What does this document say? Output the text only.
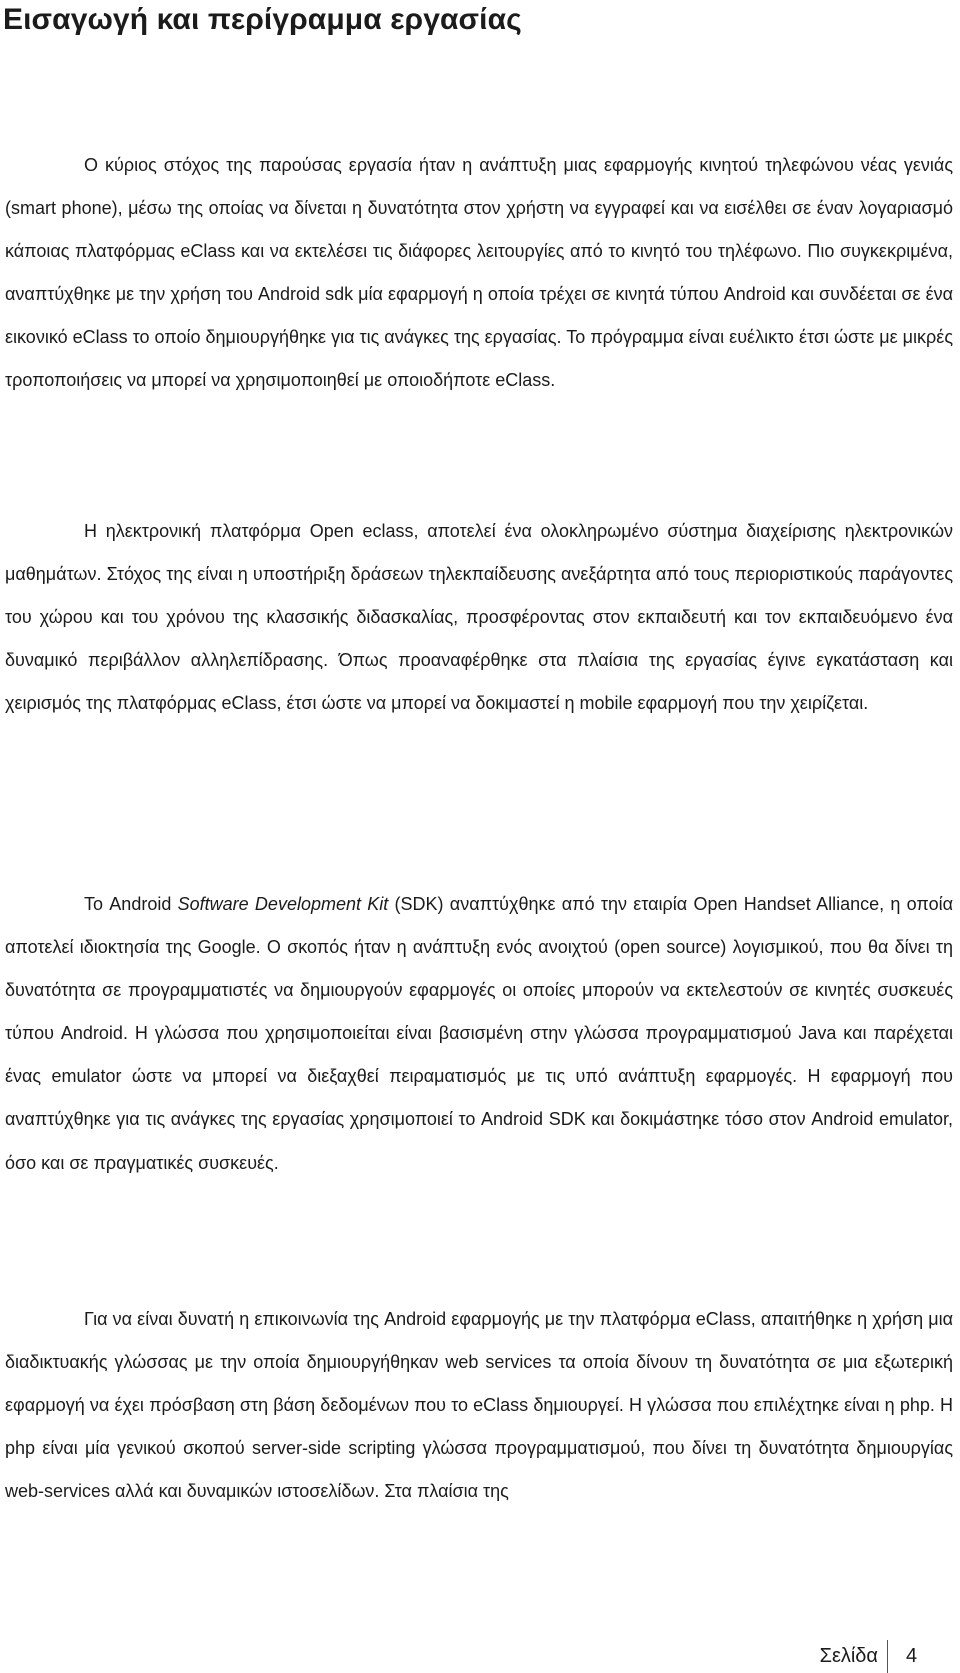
Εισαγωγή και περίγραμμα εργασίας

Ο κύριος στόχος της παρούσας εργασία ήταν η ανάπτυξη μιας εφαρμογής κινητού τηλεφώνου νέας γενιάς (smart phone), μέσω της οποίας να δίνεται η δυνατότητα στον χρήστη να εγγραφεί και να εισέλθει σε έναν λογαριασμό κάποιας πλατφόρμας eClass και να εκτελέσει τις διάφορες λειτουργίες από το κινητό του τηλέφωνο. Πιο συγκεκριμένα, αναπτύχθηκε με την χρήση του Android sdk μία εφαρμογή η οποία τρέχει σε κινητά τύπου Android και συνδέεται σε ένα εικονικό eClass το οποίο δημιουργήθηκε για τις ανάγκες της εργασίας. Το πρόγραμμα είναι ευέλικτο έτσι ώστε με μικρές τροποποιήσεις να μπορεί να χρησιμοποιηθεί με οποιοδήποτε eClass.

Η ηλεκτρονική πλατφόρμα Open eclass, αποτελεί ένα ολοκληρωμένο σύστημα διαχείρισης ηλεκτρονικών μαθημάτων. Στόχος της είναι η υποστήριξη δράσεων τηλεκπαίδευσης ανεξάρτητα από τους περιοριστικούς παράγοντες του χώρου και του χρόνου της κλασσικής διδασκαλίας, προσφέροντας στον εκπαιδευτή και τον εκπαιδευόμενο ένα δυναμικό περιβάλλον αλληλεπίδρασης. Όπως προαναφέρθηκε στα πλαίσια της εργασίας έγινε εγκατάσταση και χειρισμός της πλατφόρμας eClass, έτσι ώστε να μπορεί να δοκιμαστεί η mobile εφαρμογή που την χειρίζεται.

Το Android Software Development Kit (SDK) αναπτύχθηκε από την εταιρία Open Handset Alliance, η οποία αποτελεί ιδιοκτησία της Google. Ο σκοπός ήταν η ανάπτυξη ενός ανοιχτού (open source) λογισμικού, που θα δίνει τη δυνατότητα σε προγραμματιστές να δημιουργούν εφαρμογές οι οποίες μπορούν να εκτελεστούν σε κινητές συσκευές τύπου Android. Η γλώσσα που χρησιμοποιείται είναι βασισμένη στην γλώσσα προγραμματισμού Java και παρέχεται ένας emulator ώστε να μπορεί να διεξαχθεί πειραματισμός με τις υπό ανάπτυξη εφαρμογές. Η εφαρμογή που αναπτύχθηκε για τις ανάγκες της εργασίας χρησιμοποιεί το Android SDK και δοκιμάστηκε τόσο στον Android emulator, όσο και σε πραγματικές συσκευές.

Για να είναι δυνατή η επικοινωνία της Android εφαρμογής με την πλατφόρμα eClass, απαιτήθηκε η χρήση μια διαδικτυακής γλώσσας με την οποία δημιουργήθηκαν web services τα οποία δίνουν τη δυνατότητα σε μια εξωτερική εφαρμογή να έχει πρόσβαση στη βάση δεδομένων που το eClass δημιουργεί. Η γλώσσα που επιλέχτηκε είναι η php. Η php είναι μία γενικού σκοπού server-side scripting γλώσσα προγραμματισμού, που δίνει τη δυνατότητα δημιουργίας web-services αλλά και δυναμικών ιστοσελίδων. Στα πλαίσια της

Σελίδα 4
